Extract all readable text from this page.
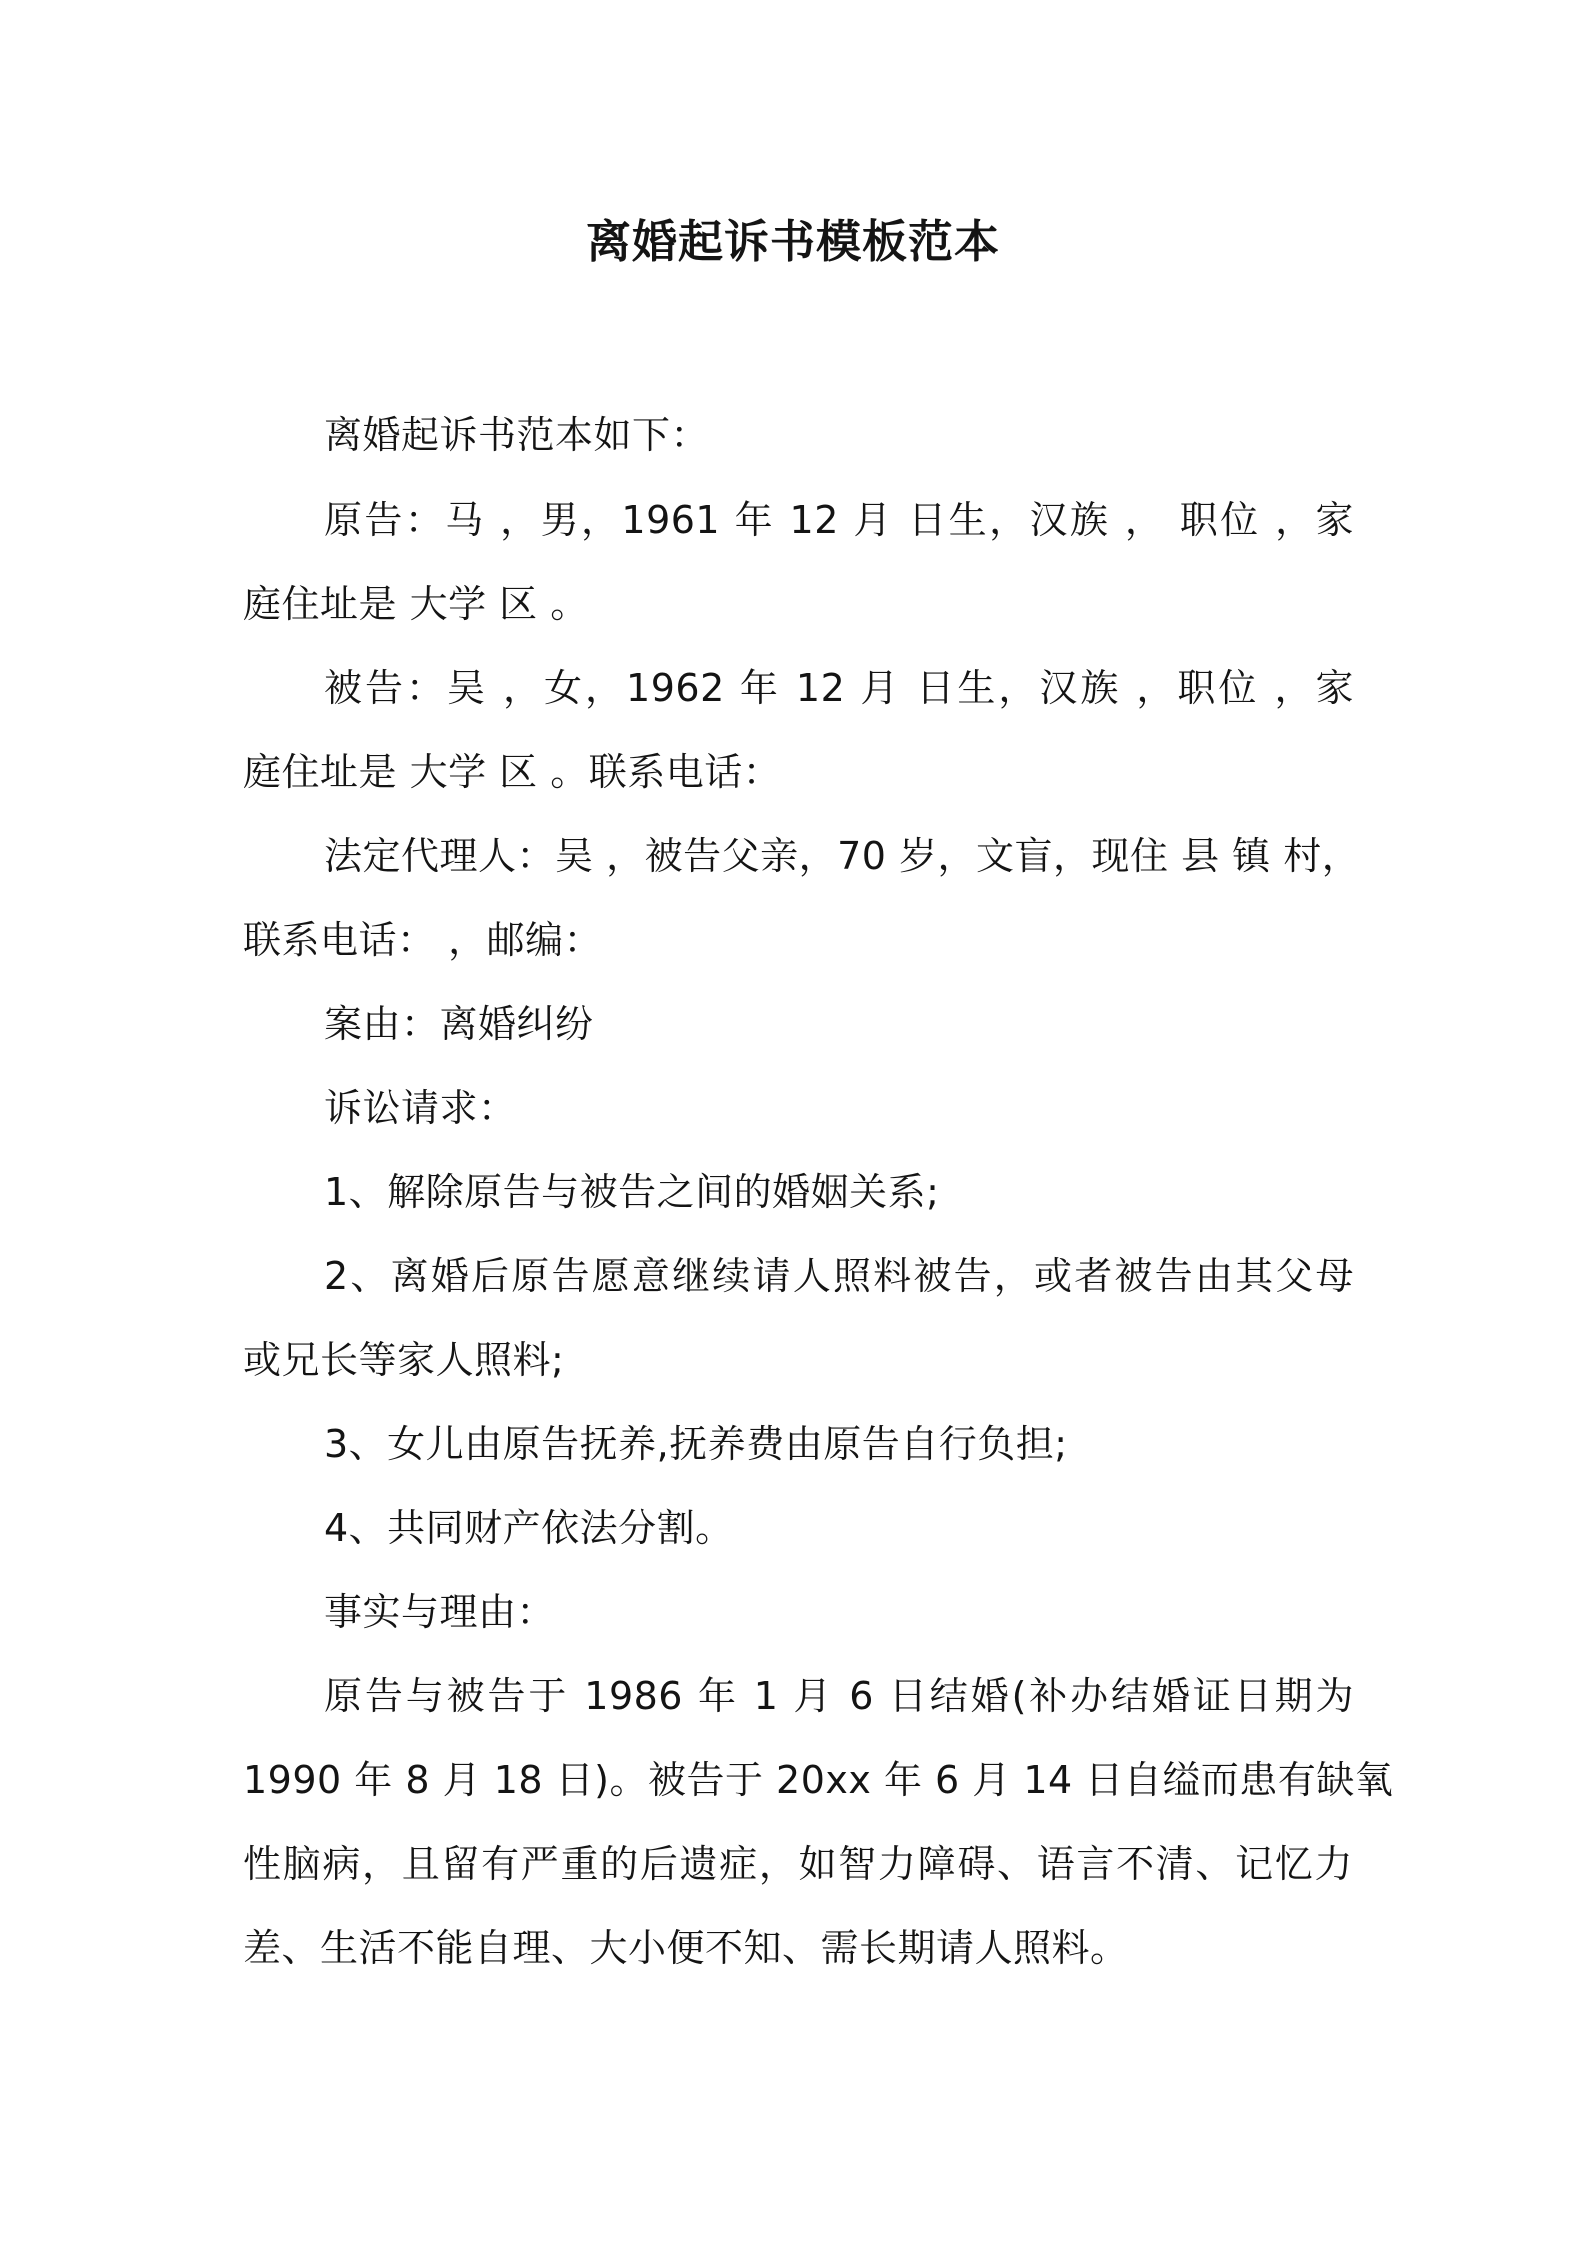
离婚起诉书模板范本
离婚起诉书范本如下：
原告：马 ，男，1961 年 12 月 日生，汉族 ， 职位 ，家
庭住址是 大学 区 。
被告：吴 ，女，1962 年 12 月 日生，汉族 ，职位 ，家
庭住址是 大学 区 。联系电话：
法定代理人：吴 ，被告父亲，70 岁，文盲，现住 县 镇 村，
联系电话： ，邮编：
案由：离婚纠纷
诉讼请求：
1、解除原告与被告之间的婚姻关系;
2、离婚后原告愿意继续请人照料被告，或者被告由其父母
或兄长等家人照料;
3、女儿由原告抚养,抚养费由原告自行负担;
4、共同财产依法分割。
事实与理由：
原告与被告于 1986 年 1 月 6 日结婚(补办结婚证日期为
1990 年 8 月 18 日)。被告于 20xx 年 6 月 14 日自缢而患有缺氧
性脑病，且留有严重的后遗症，如智力障碍、语言不清、记忆力
差、生活不能自理、大小便不知、需长期请人照料。
